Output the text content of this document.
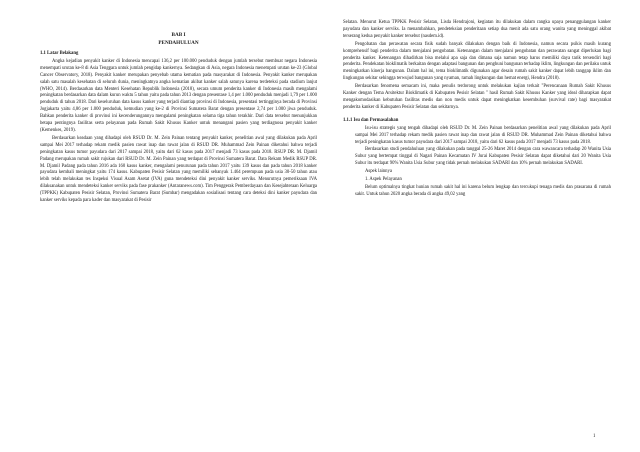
BAB I
PENDAHULUAN
1.1 Latar Belakang

Angka kejadian penyakit kanker di Indonesia mencapai 136,2 per 100.000 penduduk dengan jumlah tersebut membuat negara Indonesia menempati urutan ke-8 di Asia Tenggara untuk jumlah pengidap kankernya. Sedangkan di Asia, negara Indonesia menempati urutan ke-23 (Global Cancer Observatory, 2018). Penyakit kanker merupakan penyebab utama kematian pada masyarakat di Indonesia. Penyakit kanker merupakan salah satu masalah kesehatan di seluruh dunia, meningkatnya angka kematian akibat kanker salah satunya karena terdeteksi pada stadium lanjut (WHO, 2014). Berdasarkan data Menteri Kesehatan Republik Indonesia (2018), secara umum penderita kanker di Indonesia masih mengalami peningkatan berdasarkan data dalam kurun waktu 5 tahun yaitu pada tahun 2013 dengan presentase 1,4 per 1.000 penduduk menjadi 1,79 per 1.000 penduduk di tahun 2018. Dari keseluruhan data kasus kanker yang terjadi diantiap provinsi di Indonesia, presentasi tertingginya berada di Provinsi Jogjakarta yaitu 4,86 per 1.000 penduduk, kemudian yang ke-2 di Provinsi Sumatera Barat dengan presentase 2,74 per 1.000 jiwa penduduk. Bahkan penderita kanker di provinsi ini kecenderungannya mengalami peningkatan selama tiga tahun terakhir. Dari data tersebut menunjukkan betapa pentingnya fasilitas serta pelayanan pada Rumah Sakit Khusus Kanker untuk menangani pasien yang terdiagnosa penyakit kanker (Kemenkes, 2019).

Berdasarkan keadaan yang dihadapi oleh RSUD Dr. M. Zein Painan tentang penyakit kanker, penelitian awal yang dilakukan pada April sampai Mei 2017 terhadap rekam medik pasien rawat inap dan rawat jalan di RSUD DR. Muhammad Zein Painan diketahui bahwa terjadi peningkatan kasus tumor payudara dari 2017 sampai 2018, yaitu dari 62 kasus pada 2017 menjadi 73 kasus pada 2018. RSUP DR. M. Djamil Padang merupakan rumah sakit rujukan dari RSUD Dr. M. Zein Painan yang terdapat di Provinsi Sumatera Barat. Data Rekam Medik RSUP DR. M. Djamil Padang pada tahun 2016 ada 160 kasus kanker, mengalami penurunan pada tahun 2017 yaitu 139 kasus dan pada tahun 2018 kanker payudara kembali meningkat yaitu 174 kasus. Kabupaten Pesisir Selatan yang memiliki sebanyak 1.464 perempuan pada usia 30-50 tahun atau lebih telah melakukan tes Inspeksi Visual Asam Asetat (IVA) guna mendeteksi dini penyakit kanker serviks. Menurutnya pemeriksaan IVA dilaksanakan untuk mendeteksi kanker serviks pada fase prakanker (Antaranews.com). Tim Penggerak Pemberdayaan dan Kesejahteraan Keluarga (TPPKK) Kabupaten Pesisir Selatan, Provinsi Sumatera Barat (Sumbar) mengadakan sosialisasi tentang cara deteksi dini kanker payudara dan kanker serviks kepada para kader dan masyarakat di Pesisir

Selatan. Menurut Ketua TPPKK Pesisir Selatan, Lisda Hendrajoni, kegiatan itu dilakukan dalam rangka upaya penanggulangan kanker payudara dan kanker serviks. Ia menambahkan, pendeteksian penderitaan setiap dua menit ada satu orang wanita yang meninggal akibat terserang kedua penyakit kanker tersebut (nasdem.id).

Pengobatan dan perawatan secara fisik sudah banyak dilakukan dengan baik di Indonesia, namun secara psikis masih kurang komprehensif bagi penderita dalam menjalani pengobatan. Ketenangan dalam menjalani pengobatan dan perawatan sangat diperlukan bagi penderita kanker. Ketenangan dihadirkan bisa melalui apa saja dan dimana saja namun tetap harus memiliki daya tarik tersendiri bagi penderita. Pendekatan bioklimatik berkaitan dengan adaptasi bangunan dan penghuni bangunan terhadap iklim, lingkungan dan perilaku untuk meningkatkan kinerja bangunan. Dalam hal ini, tema bioklimatik digunakan agar desain rumah sakit kanker dapat lebih tanggap iklim dan lingkungan sekitar sehingga terwujud bangunan yang nyaman, ramah lingkungan dan hemat energi, Hendra (2018).

Berdasarkan fenomena semacam ini, maka penulis terdorong untuk melakukan kajian terkait "Perencanaan Rumah Sakit Khusus Kanker dengan Tema Arsitektur Bioklimatik di Kabupaten Pesisir Selatan " hasil Rumah Sakit Khusus Kanker yang ideal diharapkan dapat mengakomodasikan kebutuhan fasilitas medis dan non medis untuk dapat meningkatkan kesembuhan (survival rate) bagi masyarakat penderita kanker di Kabupaten Pesisir Selatan dan sekitarnya.

1.1.1 Isu dan Permasalahan

Isu-isu strategis yang tengah dihadapi oleh RSUD Dr. M. Zein Painan berdasarkan penelitian awal yang dilakukan pada April sampai Mei 2017 terhadap rekam medik pasien rawat inap dan rawat jalan di RSUD DR. Muhammad Zein Painan diketahui bahwa terjadi peningkatan kasus tumor payudara dari 2017 sampai 2018, yaitu dari 62 kasus pada 2017 menjadi 73 kasus pada 2018.

Berdasarkan studi pendahuluan yang dilakukan pada tanggal 25-26 Maret 2014 dengan cara wawancara terhadap 20 Wanita Usia Subur yang bertempat tinggal di Nagari Painan Kecamatan IV Jurai Kabupaten Pesisir Selatan dapat diketahui dari 20 Wanita Usia Subur itu terdapat 90% Wanita Usia Subur yang tidak pernah melakukan SADARI dan 10% pernah melakukan SADARI.

Aspek lainnya

1. Aspek Pelayanan

Belum optimalnya tingkat hunian rumah sakit hal ini karena belum lengkap dan tercukupi tenaga medis dan prasarana di rumah sakit. Untuk tahun 2020 angka berada di angka 49,02 yang

1
